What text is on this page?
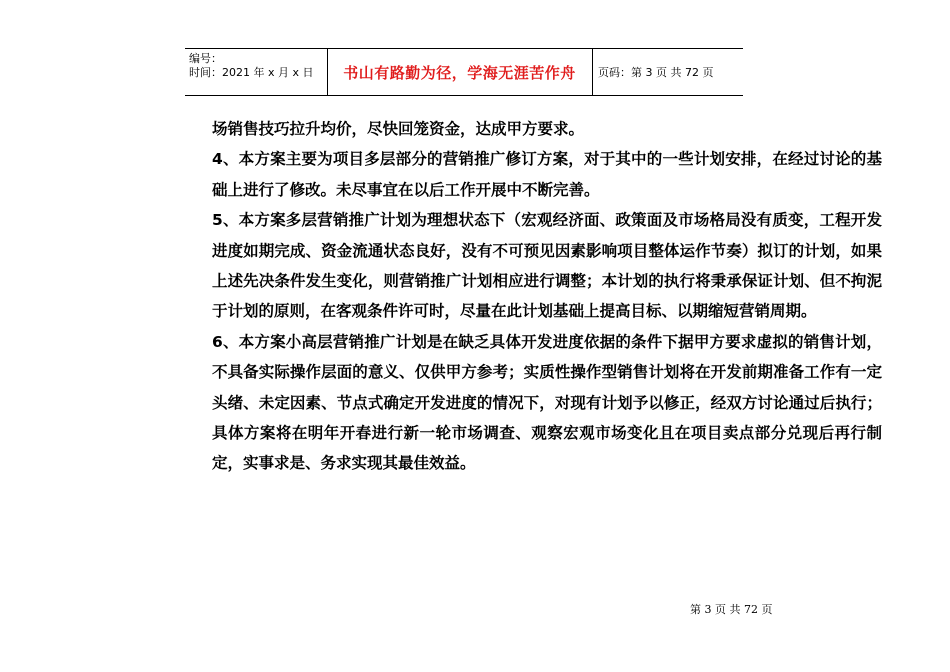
编号：
时间：2021 年 x 月 x 日	书山有路勤为径，学海无涯苦作舟	页码：第 3 页 共 72 页

场销售技巧拉升均价，尽快回笼资金，达成甲方要求。

4、本方案主要为项目多层部分的营销推广修订方案，对于其中的一些计划安排，在经过讨论的基础上进行了修改。未尽事宜在以后工作开展中不断完善。

5、本方案多层营销推广计划为理想状态下（宏观经济面、政策面及市场格局没有质变，工程开发进度如期完成、资金流通状态良好，没有不可预见因素影响项目整体运作节奏）拟订的计划，如果上述先决条件发生变化，则营销推广计划相应进行调整；本计划的执行将秉承保证计划、但不拘泥于计划的原则，在客观条件许可时，尽量在此计划基础上提高目标、以期缩短营销周期。

6、本方案小高层营销推广计划是在缺乏具体开发进度依据的条件下据甲方要求虚拟的销售计划，不具备实际操作层面的意义、仅供甲方参考；实质性操作型销售计划将在开发前期准备工作有一定头绪、未定因素、节点式确定开发进度的情况下，对现有计划予以修正，经双方讨论通过后执行；具体方案将在明年开春进行新一轮市场调查、观察宏观市场变化且在项目卖点部分兑现后再行制定，实事求是、务求实现其最佳效益。

第 3 页 共 72 页
